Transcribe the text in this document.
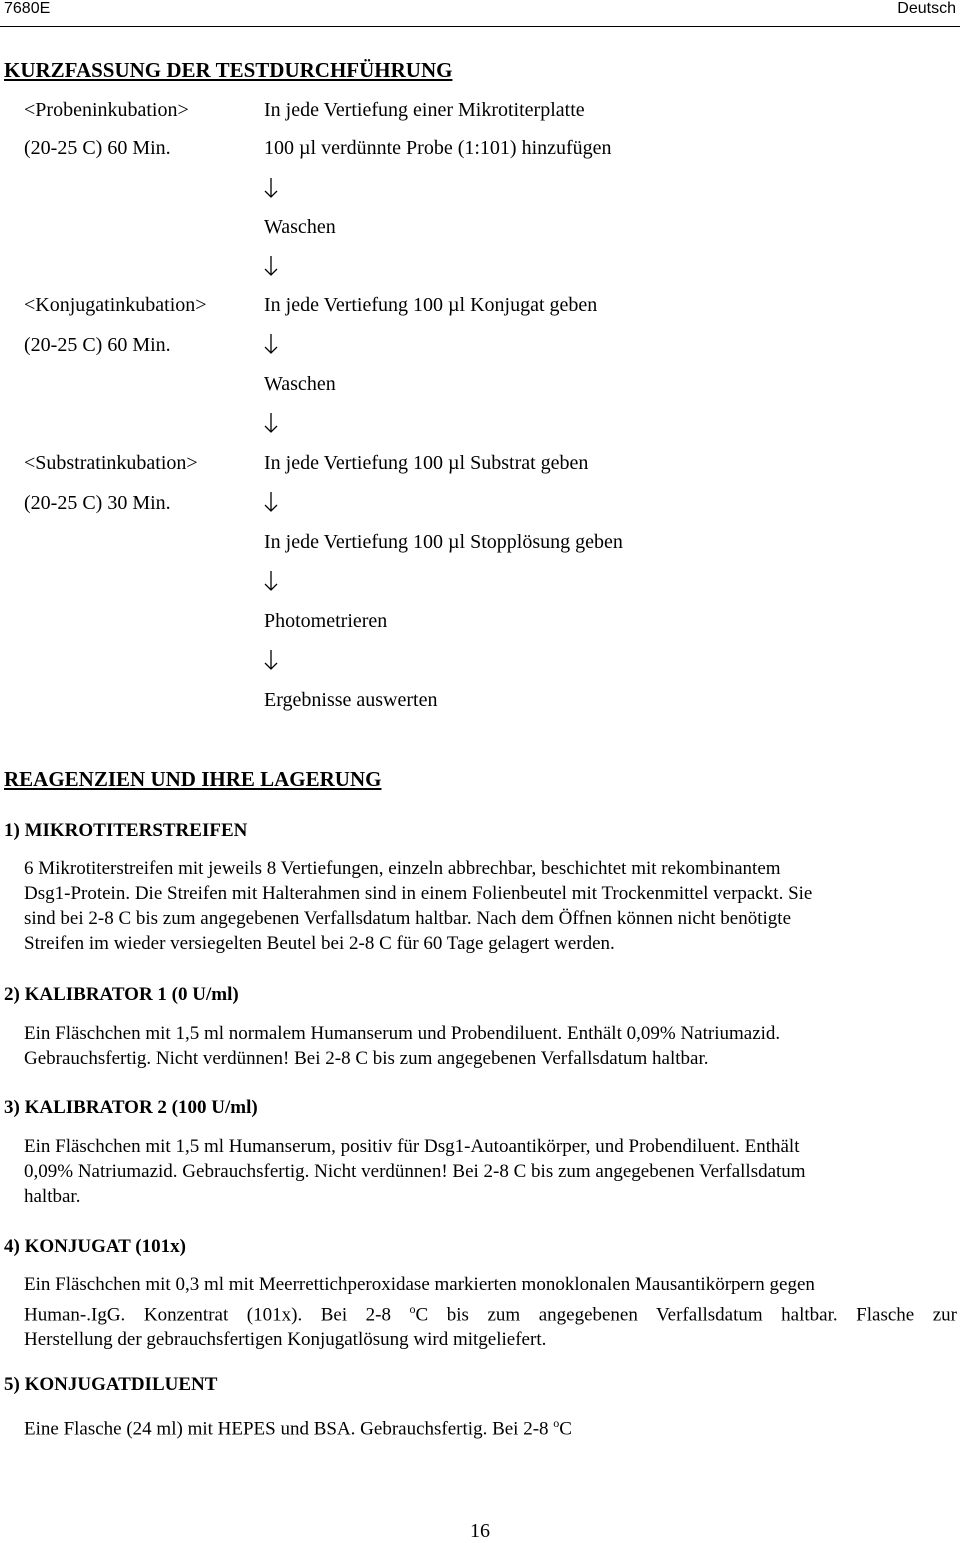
7680E	Deutsch
KURZFASSUNG DER TESTDURCHFÜHRUNG
<Probeninkubation>
(20-25 C) 60 Min.
<Konjugatinkubation>
(20-25 C) 60 Min.
<Substratinkubation>
(20-25 C) 30 Min.
In jede Vertiefung einer Mikrotiterplatte
100 µl verdünnte Probe (1:101) hinzufügen
Waschen
In jede Vertiefung 100 µl Konjugat geben
Waschen
In jede Vertiefung 100 µl Substrat geben
In jede Vertiefung 100 µl Stopplösung geben
Photometrieren
Ergebnisse auswerten
REAGENZIEN UND IHRE LAGERUNG
1) MIKROTITERSTREIFEN
6 Mikrotiterstreifen mit jeweils 8 Vertiefungen, einzeln abbrechbar, beschichtet mit rekombinantem
Dsg1-Protein. Die Streifen mit Halterahmen sind in einem Folienbeutel mit Trockenmittel verpackt. Sie
sind bei 2-8 C bis zum angegebenen Verfallsdatum haltbar. Nach dem Öffnen können nicht benötigte
Streifen im wieder versiegelten Beutel bei 2-8 C für 60 Tage gelagert werden.
2) KALIBRATOR 1 (0 U/ml)
Ein Fläschchen mit 1,5 ml normalem Humanserum und Probendiluent. Enthält 0,09% Natriumazid.
Gebrauchsfertig. Nicht verdünnen! Bei 2-8 C bis zum angegebenen Verfallsdatum haltbar.
3) KALIBRATOR 2 (100 U/ml)
Ein Fläschchen mit 1,5 ml Humanserum, positiv für Dsg1-Autoantikörper, und Probendiluent. Enthält
0,09% Natriumazid. Gebrauchsfertig. Nicht verdünnen! Bei 2-8 C bis zum angegebenen Verfallsdatum
haltbar.
4) KONJUGAT (101x)
Ein Fläschchen mit 0,3 ml mit Meerrettichperoxidase markierten monoklonalen Mausantikörpern gegen
Human-.IgG. Konzentrat (101x). Bei 2-8 $^o$C bis zum angegebenen Verfallsdatum haltbar. Flasche zur
Herstellung der gebrauchsfertigen Konjugatlösung wird mitgeliefert.
5) KONJUGATDILUENT
Eine Flasche (24 ml) mit HEPES und BSA. Gebrauchsfertig. Bei 2-8 $^o$C
16
